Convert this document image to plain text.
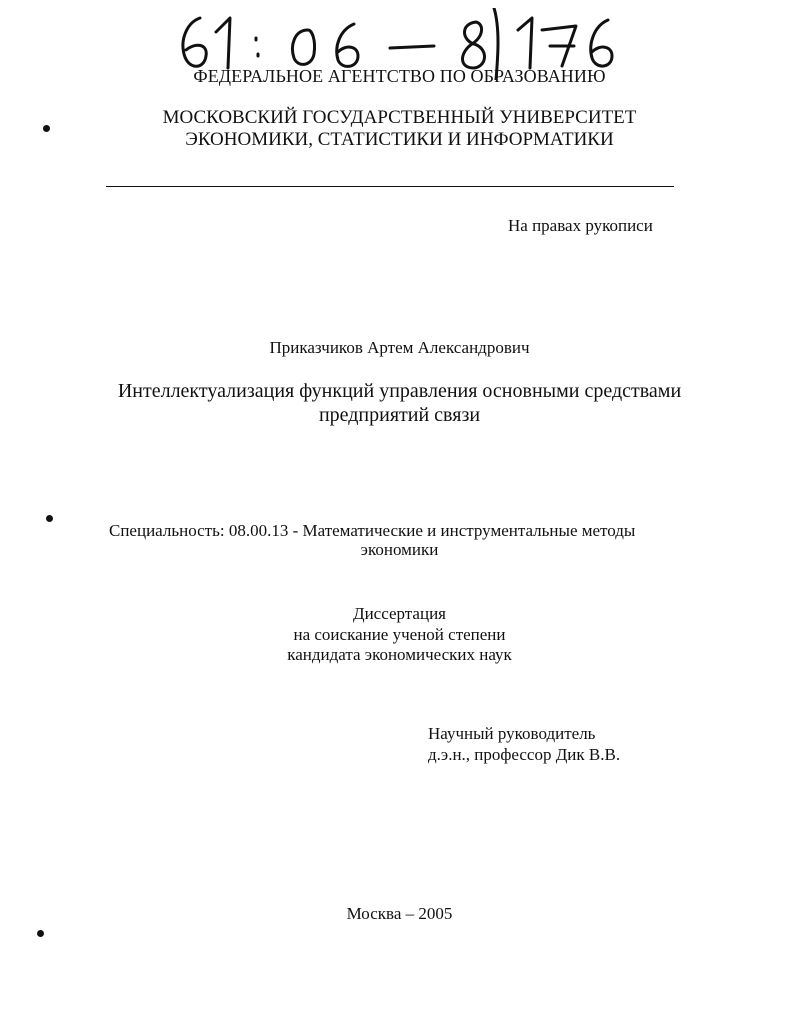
ФЕДЕРАЛЬНОЕ АГЕНТСТВО ПО ОБРАЗОВАНИЮ
МОСКОВСКИЙ ГОСУДАРСТВЕННЫЙ УНИВЕРСИТЕТ
ЭКОНОМИКИ, СТАТИСТИКИ И ИНФОРМАТИКИ
На правах рукописи
Приказчиков Артем Александрович
Интеллектуализация функций управления основными средствами
предприятий связи
Специальность: 08.00.13 - Математические и инструментальные методы
экономики
Диссертация
на соискание ученой степени
кандидата экономических наук
Научный руководитель
д.э.н., профессор Дик В.В.
Москва – 2005
